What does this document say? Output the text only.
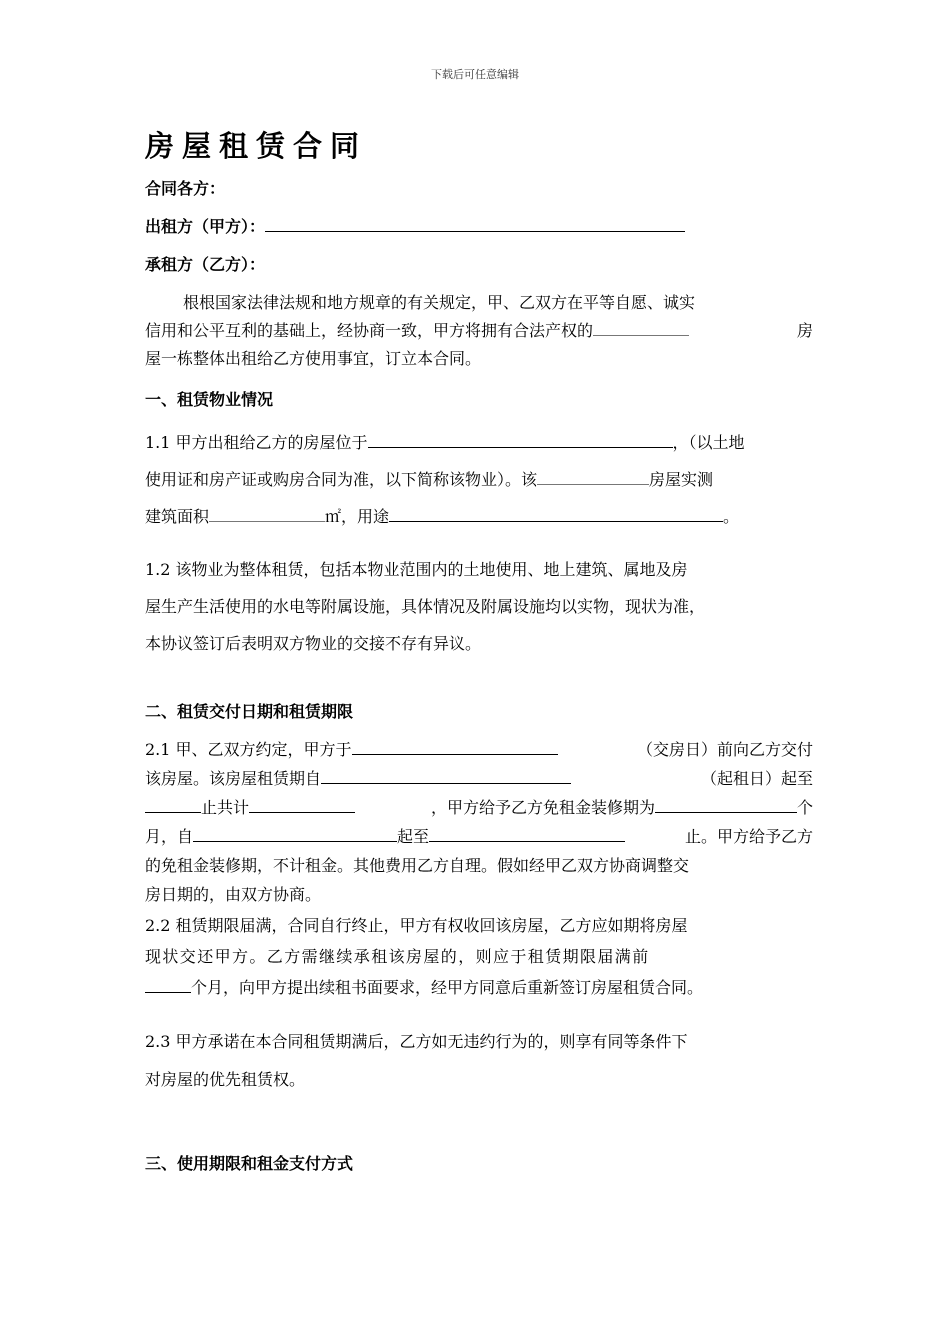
下载后可任意编辑
房屋租赁合同
合同各方：
出租方（甲方）：
承租方（乙方）：
根根国家法律法规和地方规章的有关规定，甲、乙双方在平等自愿、诚实
信用和公平互利的基础上，经协商一致，甲方将拥有合法产权的	房
屋一栋整体出租给乙方使用事宜，订立本合同。
一、租赁物业情况
1.1 甲方出租给乙方的房屋位于	，（以土地
使用证和房产证或购房合同为准，以下简称该物业）。该	房屋实测
建筑面积	㎡，用途	。
1.2 该物业为整体租赁，包括本物业范围内的土地使用、地上建筑、属地及房
屋生产生活使用的水电等附属设施，具体情况及附属设施均以实物，现状为准，
本协议签订后表明双方物业的交接不存有异议。
二、租赁交付日期和租赁期限
2.1 甲、乙双方约定，甲方于	（交房日）前向乙方交付
该房屋。该房屋租赁期自	（起租日）起至
止共计	，甲方给予乙方免租金装修期为	个
月，自	起至	止。甲方给予乙方
的免租金装修期，不计租金。其他费用乙方自理。假如经甲乙双方协商调整交
房日期的，由双方协商。
2.2 租赁期限届满，合同自行终止，甲方有权收回该房屋，乙方应如期将房屋
现状交还甲方。乙方需继续承租该房屋的，则应于租赁期限届满前
个月，向甲方提出续租书面要求，经甲方同意后重新签订房屋租赁合同。
2.3 甲方承诺在本合同租赁期满后，乙方如无违约行为的，则享有同等条件下
对房屋的优先租赁权。
三、使用期限和租金支付方式
